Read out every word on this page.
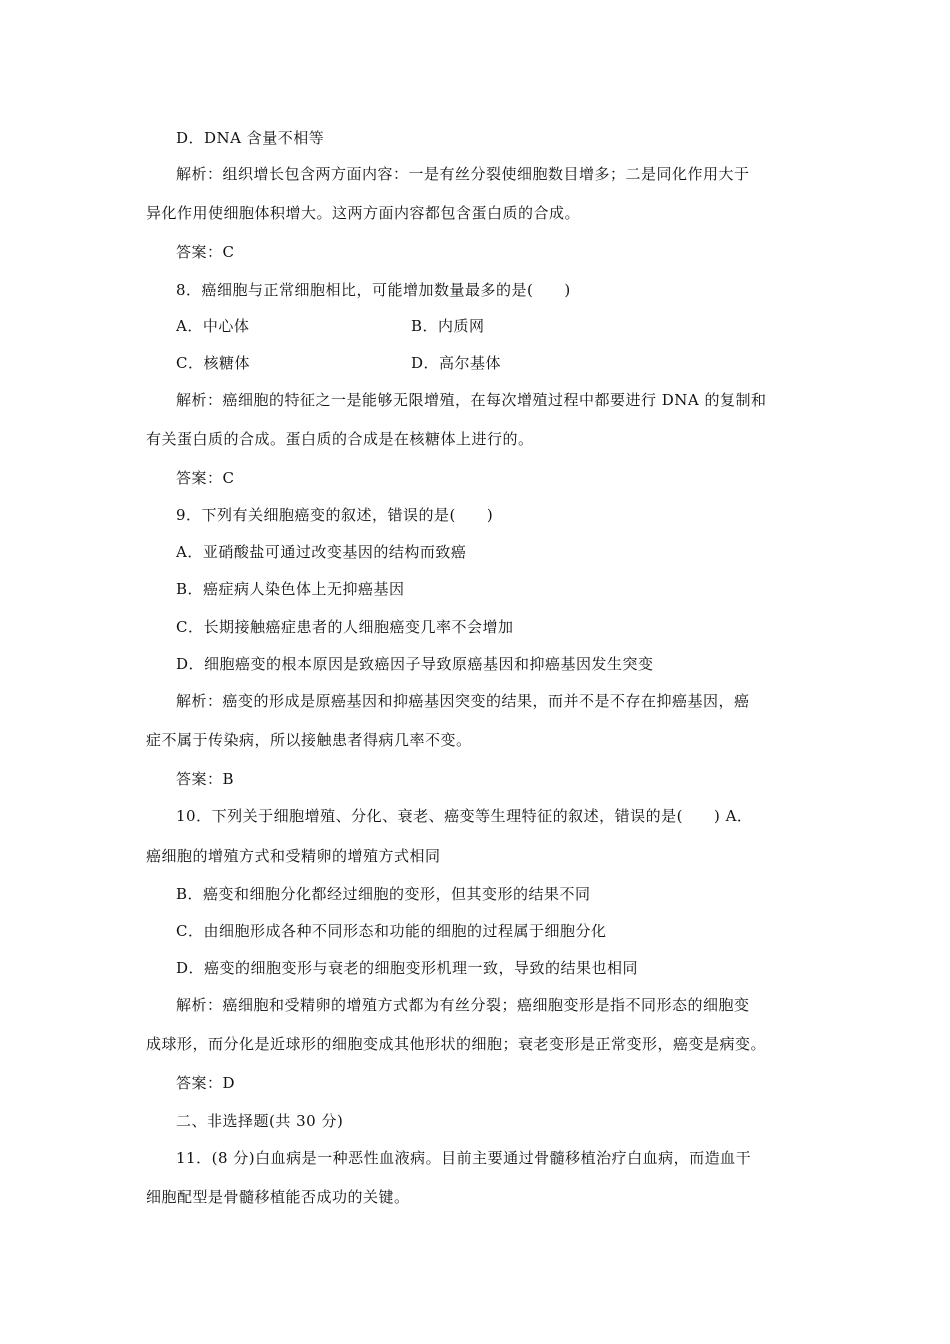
D．DNA 含量不相等
解析：组织增长包含两方面内容：一是有丝分裂使细胞数目增多；二是同化作用大于
异化作用使细胞体积增大。这两方面内容都包含蛋白质的合成。
答案：C
8．癌细胞与正常细胞相比，可能增加数量最多的是(　　)
A．中心体	B．内质网
C．核糖体	D．高尔基体
解析：癌细胞的特征之一是能够无限增殖，在每次增殖过程中都要进行 DNA 的复制和
有关蛋白质的合成。蛋白质的合成是在核糖体上进行的。
答案：C
9．下列有关细胞癌变的叙述，错误的是(　　)
A．亚硝酸盐可通过改变基因的结构而致癌
B．癌症病人染色体上无抑癌基因
C．长期接触癌症患者的人细胞癌变几率不会增加
D．细胞癌变的根本原因是致癌因子导致原癌基因和抑癌基因发生突变
解析：癌变的形成是原癌基因和抑癌基因突变的结果，而并不是不存在抑癌基因，癌
症不属于传染病，所以接触患者得病几率不变。
答案：B
10．下列关于细胞增殖、分化、衰老、癌变等生理特征的叙述，错误的是(　　) A．
癌细胞的增殖方式和受精卵的增殖方式相同
B．癌变和细胞分化都经过细胞的变形，但其变形的结果不同
C．由细胞形成各种不同形态和功能的细胞的过程属于细胞分化
D．癌变的细胞变形与衰老的细胞变形机理一致，导致的结果也相同
解析：癌细胞和受精卵的增殖方式都为有丝分裂；癌细胞变形是指不同形态的细胞变
成球形，而分化是近球形的细胞变成其他形状的细胞；衰老变形是正常变形，癌变是病变。
答案：D
二、非选择题(共 30 分)
11．(8 分)白血病是一种恶性血液病。目前主要通过骨髓移植治疗白血病，而造血干
细胞配型是骨髓移植能否成功的关键。
